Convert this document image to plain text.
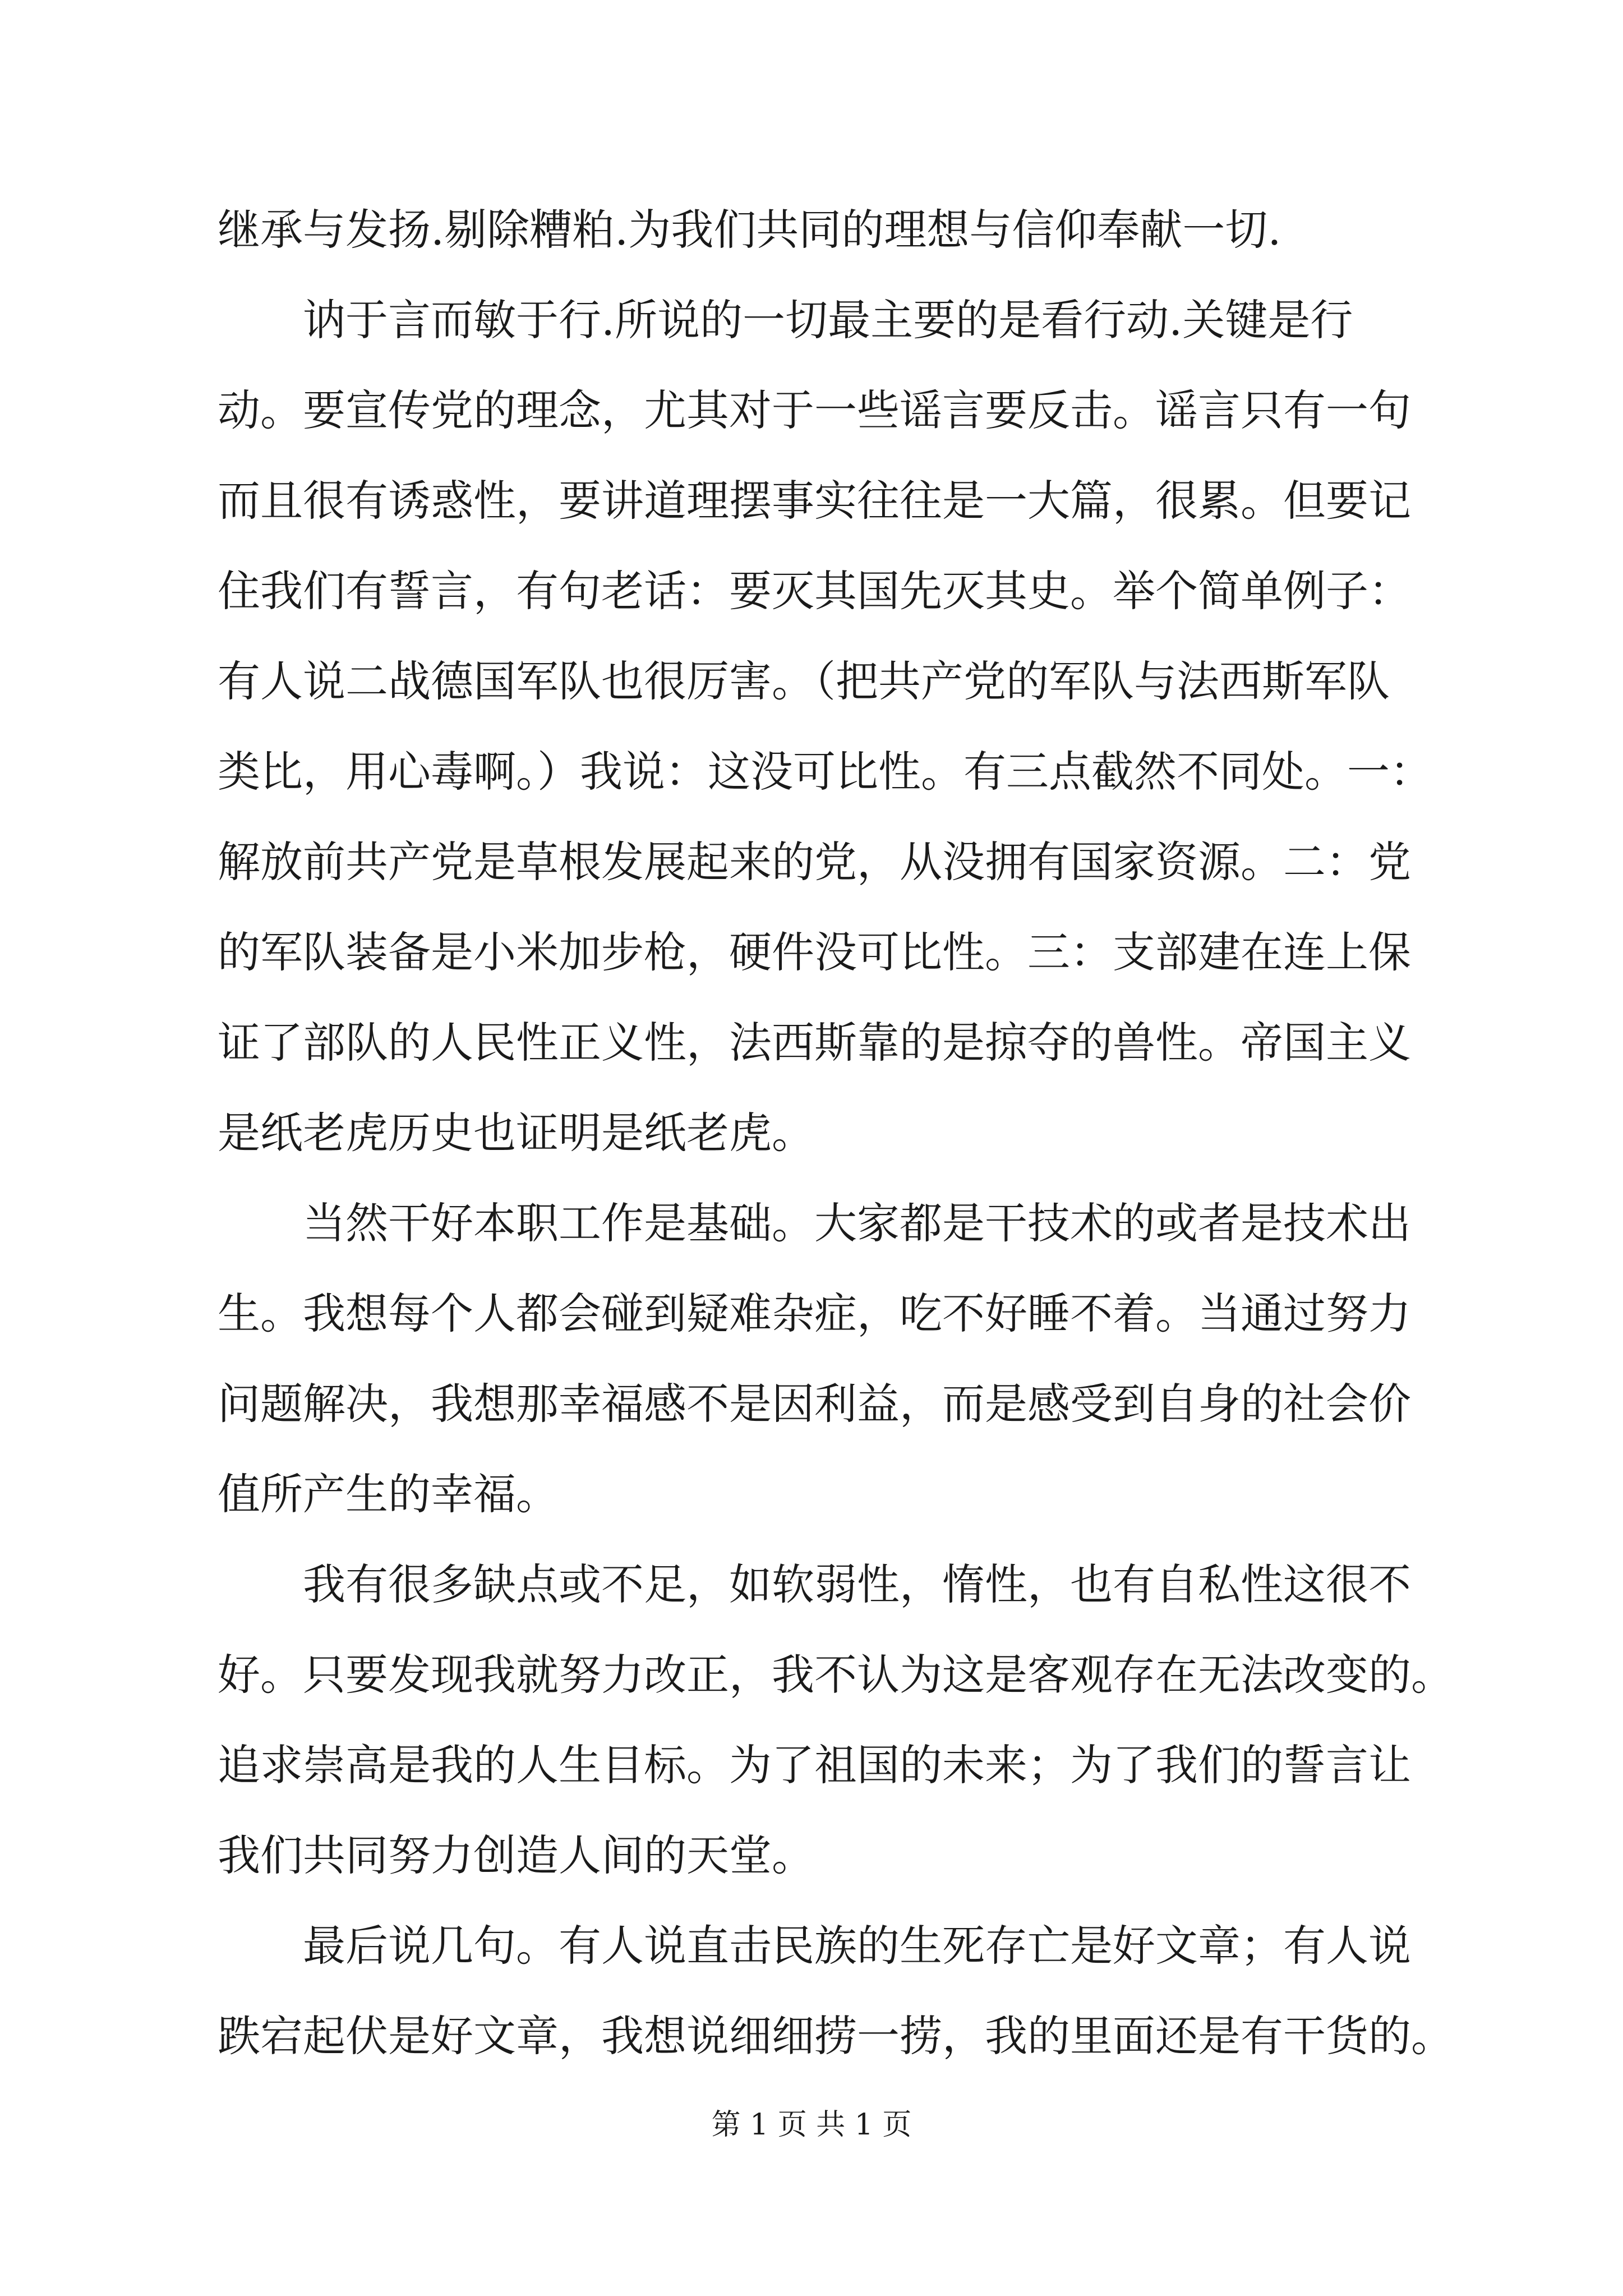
继承与发扬.剔除糟粕.为我们共同的理想与信仰奉献一切.
讷于言而敏于行.所说的一切最主要的是看行动.关键是行
动。要宣传党的理念，尤其对于一些谣言要反击。谣言只有一句
而且很有诱惑性，要讲道理摆事实往往是一大篇，很累。但要记
住我们有誓言，有句老话：要灭其国先灭其史。举个简单例子：
有人说二战德国军队也很厉害。（把共产党的军队与法西斯军队
类比，用心毒啊。）我说：这没可比性。有三点截然不同处。一：
解放前共产党是草根发展起来的党，从没拥有国家资源。二：党
的军队装备是小米加步枪，硬件没可比性。三：支部建在连上保
证了部队的人民性正义性，法西斯靠的是掠夺的兽性。帝国主义
是纸老虎历史也证明是纸老虎。
当然干好本职工作是基础。大家都是干技术的或者是技术出
生。我想每个人都会碰到疑难杂症，吃不好睡不着。当通过努力
问题解决，我想那幸福感不是因利益，而是感受到自身的社会价
值所产生的幸福。
我有很多缺点或不足，如软弱性，惰性，也有自私性这很不
好。只要发现我就努力改正，我不认为这是客观存在无法改变的。
追求崇高是我的人生目标。为了祖国的未来；为了我们的誓言让
我们共同努力创造人间的天堂。
最后说几句。有人说直击民族的生死存亡是好文章；有人说
跌宕起伏是好文章，我想说细细捞一捞，我的里面还是有干货的。
第 1 页 共 1 页
